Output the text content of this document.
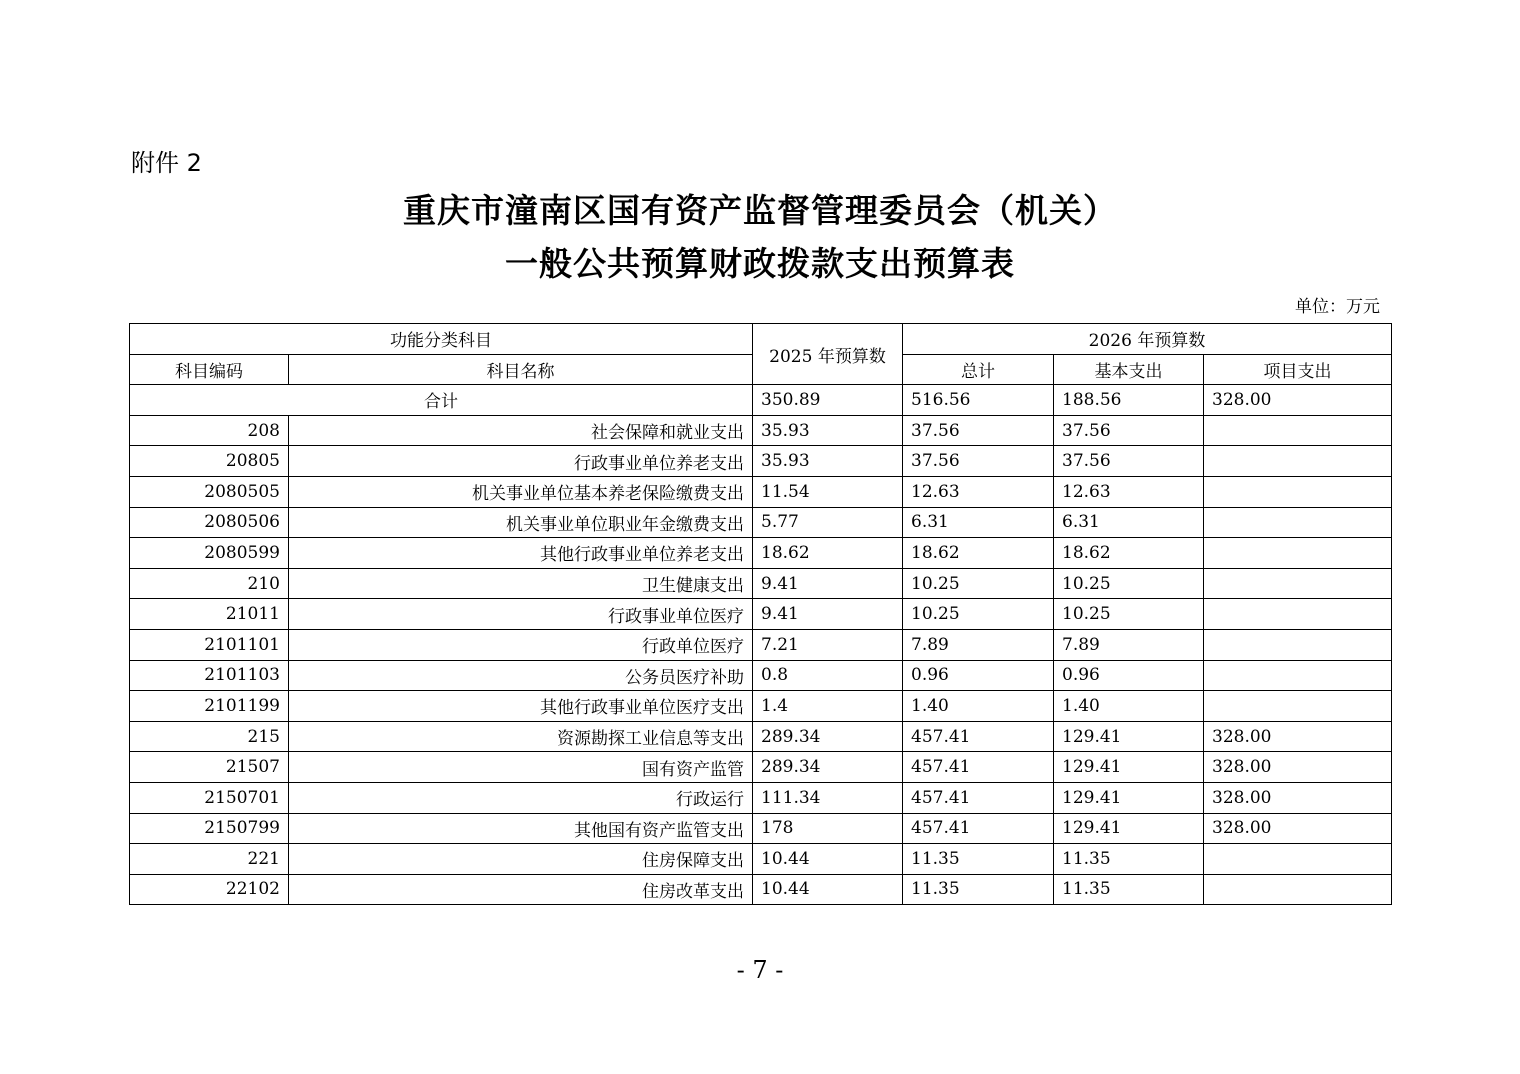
附件 2
重庆市潼南区国有资产监督管理委员会（机关）
一般公共预算财政拨款支出预算表
单位：万元
功能分类科目		2025 年预算数	2026 年预算数		
科目编码	科目名称		总计	基本支出	项目支出
合计		350.89	516.56	188.56	328.00
208	社会保障和就业支出	35.93	37.56	37.56	
20805	行政事业单位养老支出	35.93	37.56	37.56	
2080505	机关事业单位基本养老保险缴费支出	11.54	12.63	12.63	
2080506	机关事业单位职业年金缴费支出	5.77	6.31	6.31	
2080599	其他行政事业单位养老支出	18.62	18.62	18.62	
210	卫生健康支出	9.41	10.25	10.25	
21011	行政事业单位医疗	9.41	10.25	10.25	
2101101	行政单位医疗	7.21	7.89	7.89	
2101103	公务员医疗补助	0.8	0.96	0.96	
2101199	其他行政事业单位医疗支出	1.4	1.40	1.40	
215	资源勘探工业信息等支出	289.34	457.41	129.41	328.00
21507	国有资产监管	289.34	457.41	129.41	328.00
2150701	行政运行	111.34	457.41	129.41	328.00
2150799	其他国有资产监管支出	178	457.41	129.41	328.00
221	住房保障支出	10.44	11.35	11.35	
22102	住房改革支出	10.44	11.35	11.35	
- 7 -
